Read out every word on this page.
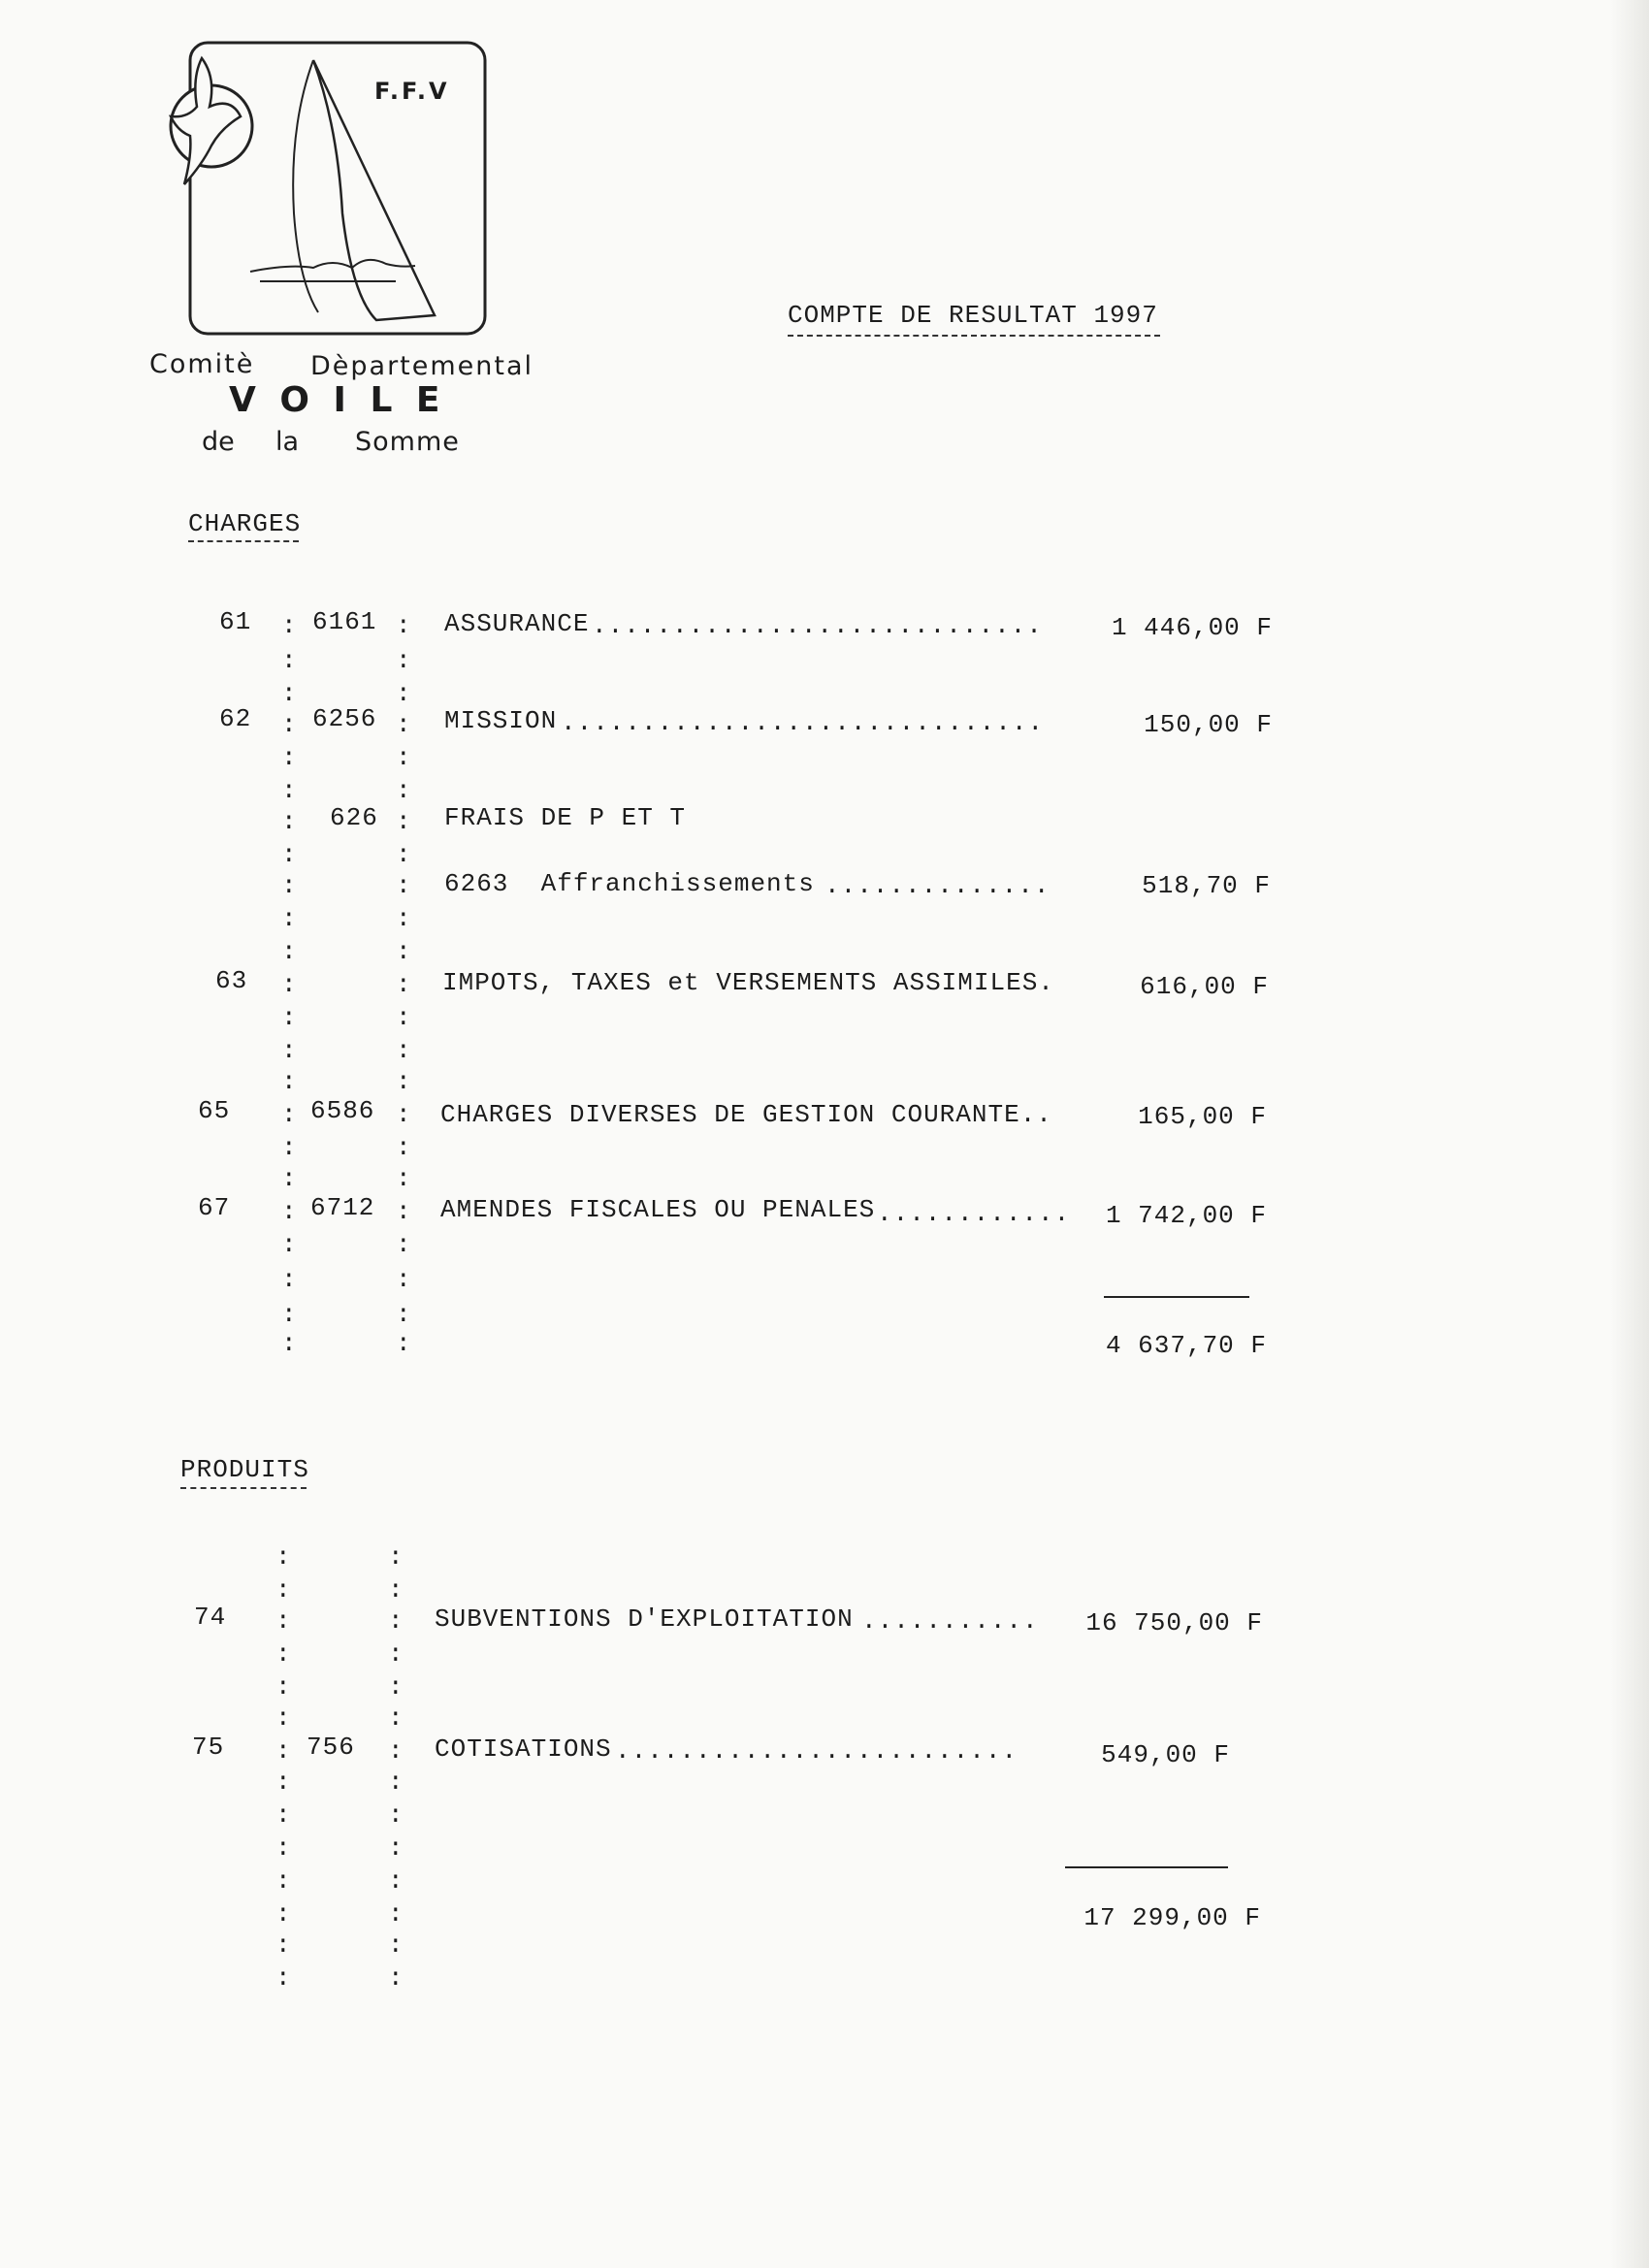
F.F.V
Comitè Dèpartemental
V O I L E
de la Somme
COMPTE DE RESULTAT 1997
CHARGES
61 6161	ASSURANCE ............................	1 446,00 F
62 6256	MISSION ..............................	150,00 F
626	FRAIS DE P ET T
6263  Affranchissements ..............	518,70 F
63	IMPOTS, TAXES et VERSEMENTS ASSIMILES.	616,00 F
65	6586	CHARGES DIVERSES DE GESTION COURANTE..	165,00 F
67	6712	AMENDES FISCALES OU PENALES ............ 1 742,00 F
4 637,70 F
PRODUITS
74	SUBVENTIONS D'EXPLOITATION ........... 16 750,00 F
75	756	COTISATIONS .........................	549,00 F
17 299,00 F
:
:
:
:
:
:
:
:
:
:
:
:
:
:
:
:
:
:
:
:
:
:
:
:
:
:
:
:
:
:
:
:
:
:
:
:
:
:
:
:
:
:
:
:
:
:
:
:
:
:
:
:
:
:
:
:
:
:
:
:
:
:
:
:
:
:
:
:
:
:
:
:
:
:
